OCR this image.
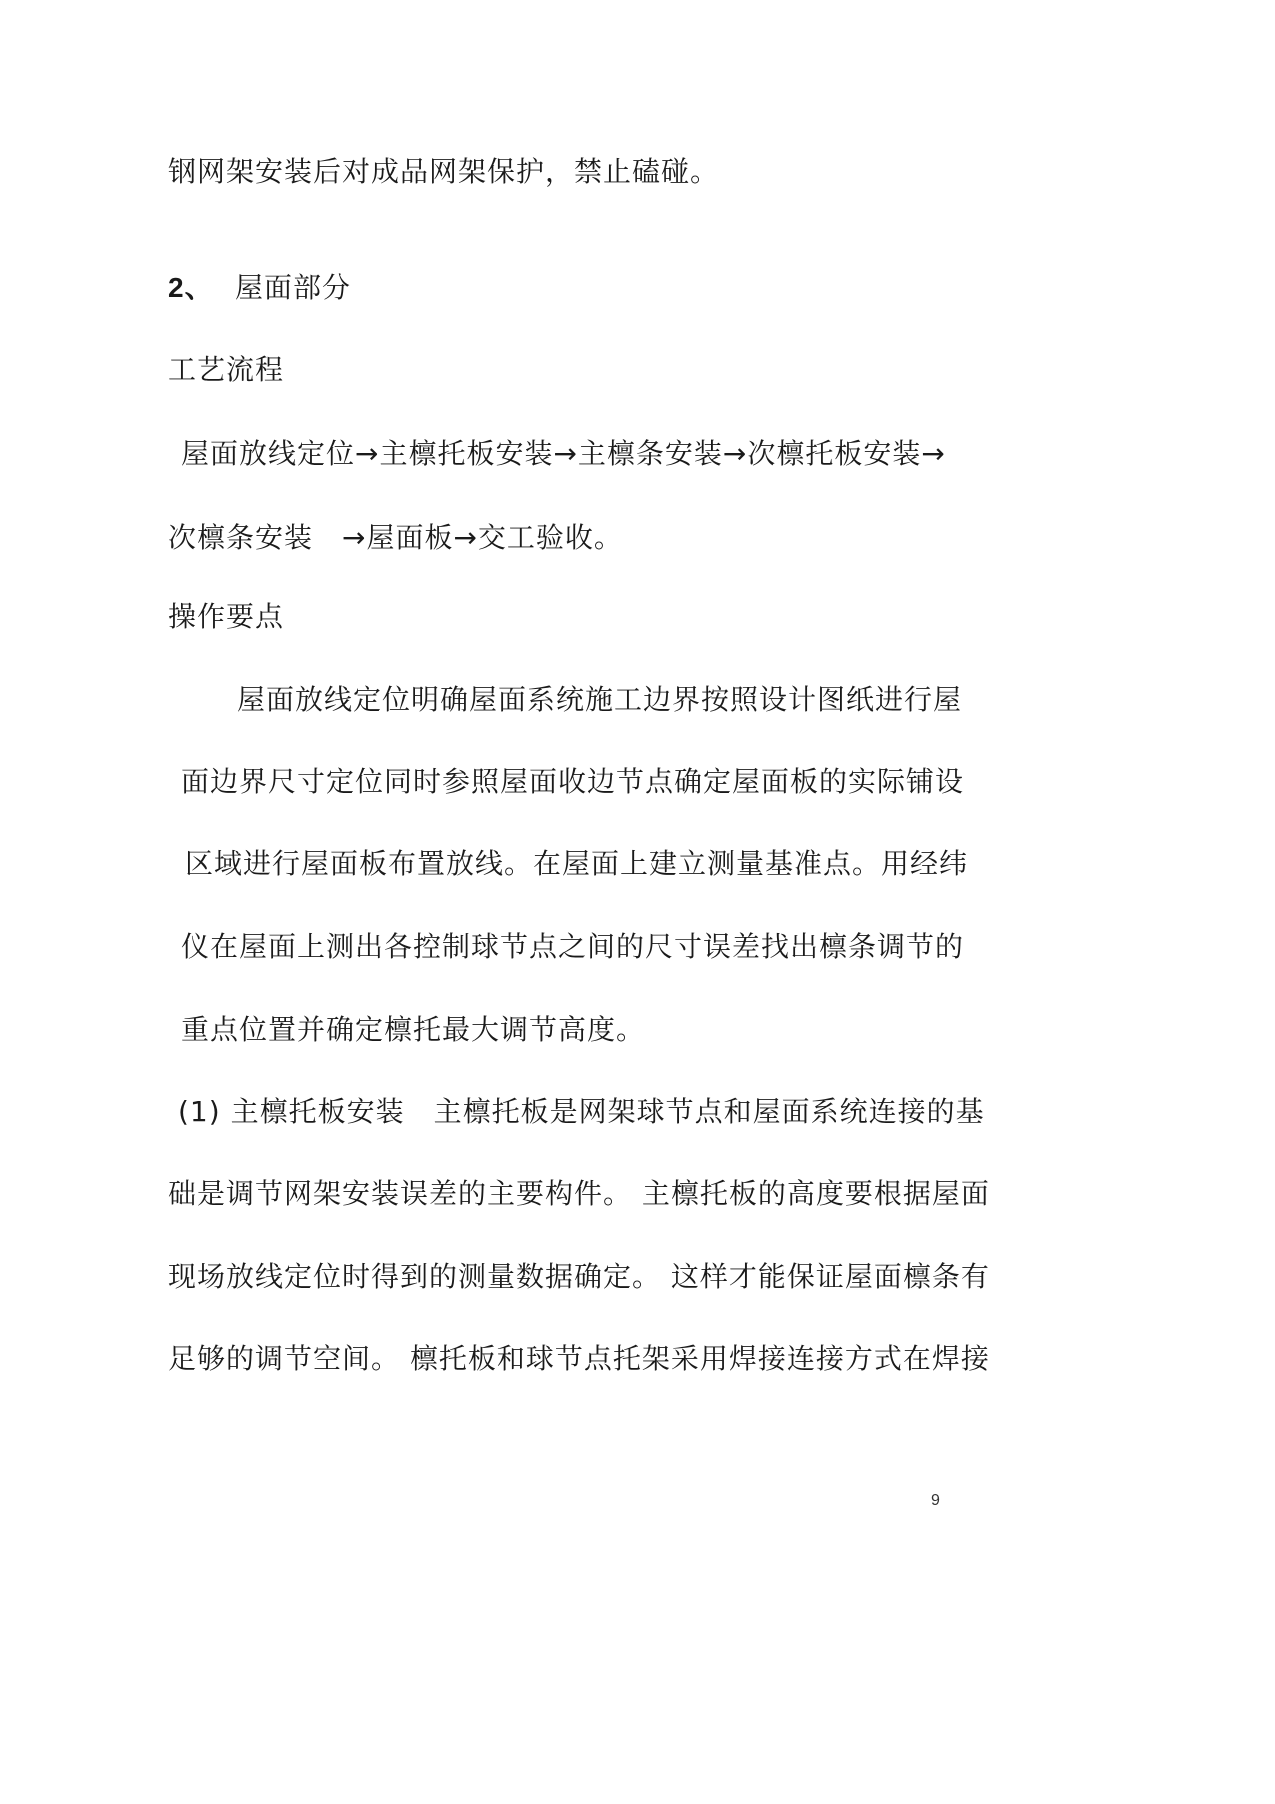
钢网架安装后对成品网架保护，禁止磕碰。
2、 屋面部分
工艺流程
屋面放线定位→主檩托板安装→主檩条安装→次檩托板安装→
次檩条安装　→屋面板→交工验收。
操作要点
屋面放线定位明确屋面系统施工边界按照设计图纸进行屋
面边界尺寸定位同时参照屋面收边节点确定屋面板的实际铺设
区域进行屋面板布置放线。在屋面上建立测量基准点。用经纬
仪在屋面上测出各控制球节点之间的尺寸误差找出檩条调节的
重点位置并确定檩托最大调节高度。
(1) 主檩托板安装　主檩托板是网架球节点和屋面系统连接的基
础是调节网架安装误差的主要构件。 主檩托板的高度要根据屋面
现场放线定位时得到的测量数据确定。 这样才能保证屋面檩条有
足够的调节空间。 檩托板和球节点托架采用焊接连接方式在焊接
9
